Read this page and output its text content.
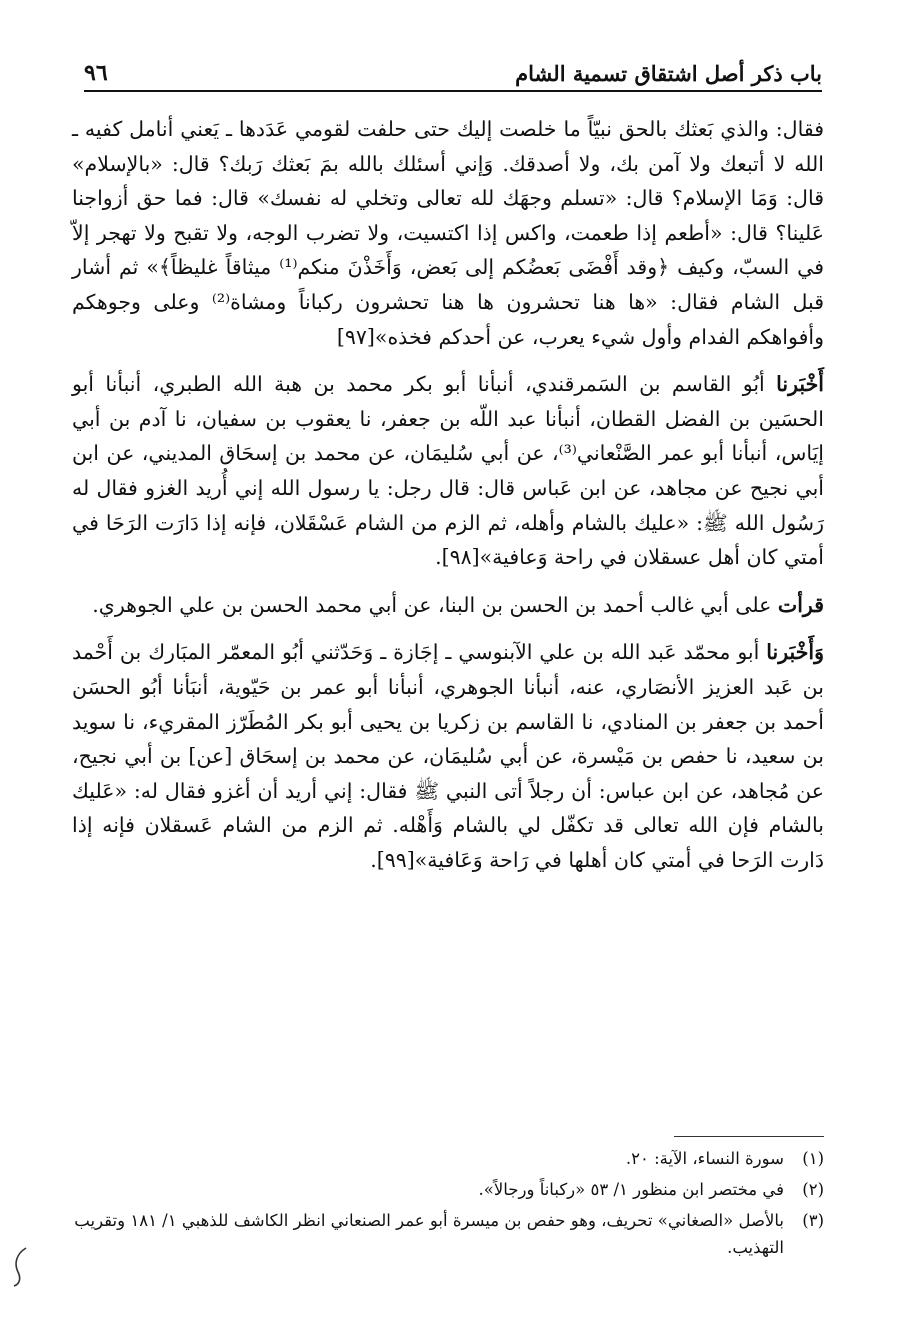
باب ذكر أصل اشتقاق تسمية الشام
٩٦

فقال: والذي بَعثك بالحق نبيّاً ما خلصت إليك حتى حلفت لقومي عَدَدها ـ يَعني أنامل كفيه ـ الله لا أتبعك ولا آمن بك، ولا أصدقك. وَإني أسئلك بالله بمَ بَعثك رَبك؟ قال: «بالإسلام» قال: وَمَا الإسلام؟ قال: «تسلم وجهَك لله تعالى وتخلي له نفسك» قال: فما حق أزواجنا عَلينا؟ قال: «أطعم إذا طعمت، واكس إذا اكتسيت، ولا تضرب الوجه، ولا تقبح ولا تهجر إلاّ في السبّ، وكيف ﴿وقد أَفْضَى بَعضُكم إلى بَعض، وَأَخَذْنَ منكم⁽¹⁾ ميثاقاً غليظاً﴾» ثم أشار قبل الشام فقال: «ها هنا تحشرون ها هنا تحشرون ركباناً ومشاة⁽²⁾ وعلى وجوهكم وأفواهكم الفدام وأول شيء يعرب، عن أحدكم فخذه»[٩٧]

أَخْبَرنا أبُو القاسم بن السَمرقندي، أنبأنا أبو بكر محمد بن هبة الله الطبري، أنبأنا أبو الحسَين بن الفضل القطان، أنبأنا عبد اللّه بن جعفر، نا يعقوب بن سفيان، نا آدم بن أبي إيَاس، أنبأنا أبو عمر الصَّنْعاني⁽³⁾، عن أبي سُليمَان، عن محمد بن إسحَاق المديني، عن ابن أبي نجيح عن مجاهد، عن ابن عَباس قال: قال رجل: يا رسول الله إني أُريد الغزو فقال له رَسُول الله ﷺ: «عليك بالشام وأهله، ثم الزم من الشام عَسْقَلان، فإنه إذا دَارَت الرَحَا في أمتي كان أهل عسقلان في راحة وَعافية»[٩٨].

قرأت على أبي غالب أحمد بن الحسن بن البنا، عن أبي محمد الحسن بن علي الجوهري.

وَأَخْبَرنا أبو محمّد عَبد الله بن علي الآبنوسي ـ إجَازة ـ وَحَدّثني أبُو المعمّر المبَارك بن أَحْمد بن عَبد العزيز الأنصَاري، عنه، أنبأنا الجوهري، أنبأنا أبو عمر بن حَيّوية، أنبَأنا أبُو الحسَن أحمد بن جعفر بن المنادي، نا القاسم بن زكريا بن يحيى أبو بكر المُطَرّز المقريء، نا سويد بن سعيد، نا حفص بن مَيْسرة، عن أبي سُليمَان، عن محمد بن إسحَاق [عن] بن أبي نجيح، عن مُجاهد، عن ابن عباس: أن رجلاً أتى النبي ﷺ فقال: إني أريد أن أغزو فقال له: «عَليك بالشام فإن الله تعالى قد تكفّل لي بالشام وَأَهْله. ثم الزم من الشام عَسقلان فإنه إذا دَارت الرَحا في أمتي كان أهلها في رَاحة وَعَافية»[٩٩].

(١)
سورة النساء، الآية: ٢٠.
(٢)
في مختصر ابن منظور ١/ ٥٣ «ركباناً ورجالاً».
(٣)
بالأصل «الصغاني» تحريف، وهو حفص بن ميسرة أبو عمر الصنعاني انظر الكاشف للذهبي ١/ ١٨١ وتقريب التهذيب.
